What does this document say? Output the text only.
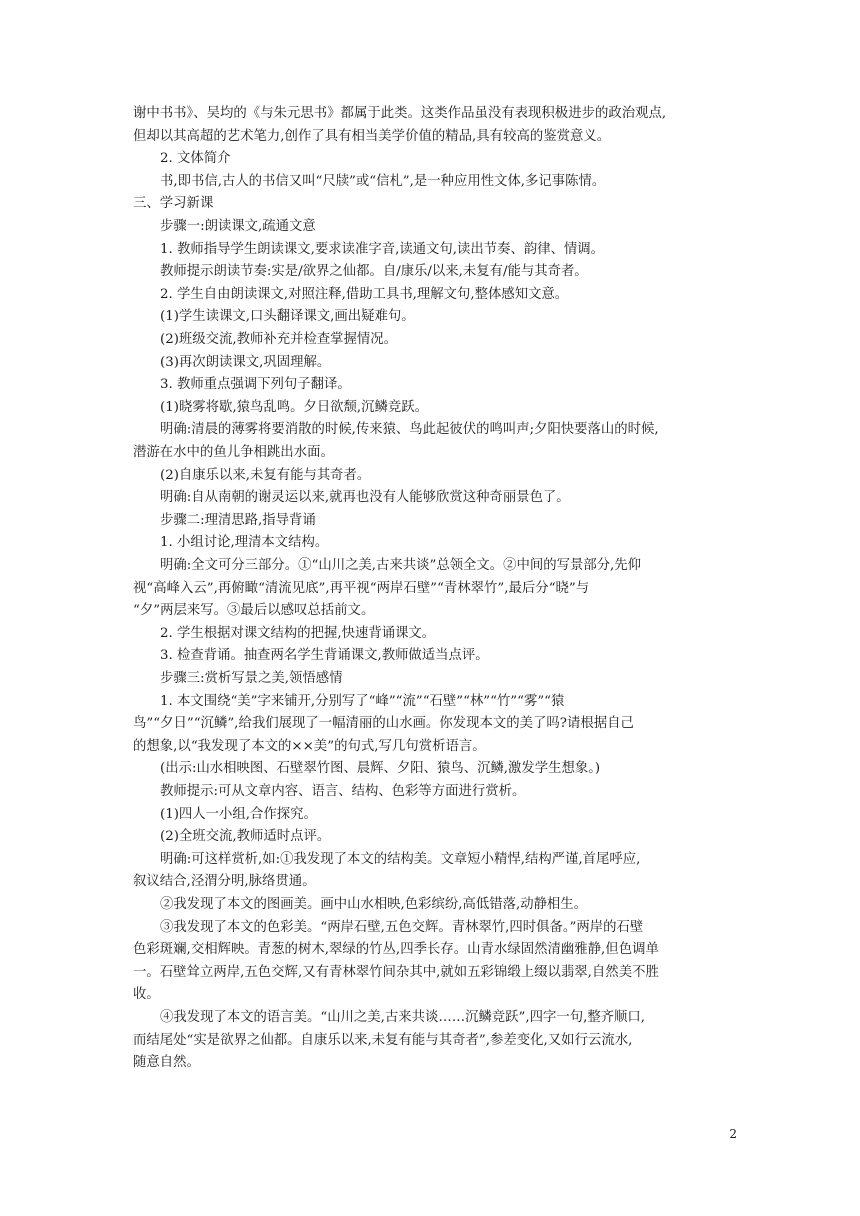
谢中书书》、吴均的《与朱元思书》都属于此类。这类作品虽没有表现积极进步的政治观点,
但却以其高超的艺术笔力,创作了具有相当美学价值的精品,具有较高的鉴赏意义。
2. 文体简介
书,即书信,古人的书信又叫“尺牍”或“信札”,是一种应用性文体,多记事陈情。
三、学习新课
步骤一:朗读课文,疏通文意
1. 教师指导学生朗读课文,要求读准字音,读通文句,读出节奏、韵律、情调。
教师提示朗读节奏:实是/欲界之仙都。自/康乐/以来,未复有/能与其奇者。
2. 学生自由朗读课文,对照注释,借助工具书,理解文句,整体感知文意。
(1)学生读课文,口头翻译课文,画出疑难句。
(2)班级交流,教师补充并检查掌握情况。
(3)再次朗读课文,巩固理解。
3. 教师重点强调下列句子翻译。
(1)晓雾将歇,猿鸟乱鸣。夕日欲颓,沉鳞竞跃。
明确:清晨的薄雾将要消散的时候,传来猿、鸟此起彼伏的鸣叫声;夕阳快要落山的时候,
潜游在水中的鱼儿争相跳出水面。
(2)自康乐以来,未复有能与其奇者。
明确:自从南朝的谢灵运以来,就再也没有人能够欣赏这种奇丽景色了。
步骤二:理清思路,指导背诵
1. 小组讨论,理清本文结构。
明确:全文可分三部分。①“山川之美,古来共谈”总领全文。②中间的写景部分,先仰
视“高峰入云”,再俯瞰“清流见底”,再平视“两岸石壁”“青林翠竹”,最后分“晓”与
“夕”两层来写。③最后以感叹总括前文。
2. 学生根据对课文结构的把握,快速背诵课文。
3. 检查背诵。抽查两名学生背诵课文,教师做适当点评。
步骤三:赏析写景之美,领悟感情
1. 本文围绕“美”字来铺开,分别写了“峰”“流”“石壁”“林”“竹”“雾”“猿
鸟”“夕日”“沉鳞”,给我们展现了一幅清丽的山水画。你发现本文的美了吗?请根据自己
的想象,以“我发现了本文的××美”的句式,写几句赏析语言。
(出示:山水相映图、石壁翠竹图、晨辉、夕阳、猿鸟、沉鳞,激发学生想象。)
教师提示:可从文章内容、语言、结构、色彩等方面进行赏析。
(1)四人一小组,合作探究。
(2)全班交流,教师适时点评。
明确:可这样赏析,如:①我发现了本文的结构美。文章短小精悍,结构严谨,首尾呼应,
叙议结合,泾渭分明,脉络贯通。
②我发现了本文的图画美。画中山水相映,色彩缤纷,高低错落,动静相生。
③我发现了本文的色彩美。“两岸石壁,五色交辉。青林翠竹,四时俱备。”两岸的石壁
色彩斑斓,交相辉映。青葱的树木,翠绿的竹丛,四季长存。山青水绿固然清幽雅静,但色调单
一。石壁耸立两岸,五色交辉,又有青林翠竹间杂其中,就如五彩锦缎上缀以翡翠,自然美不胜
收。
④我发现了本文的语言美。“山川之美,古来共谈……沉鳞竞跃”,四字一句,整齐顺口,
而结尾处“实是欲界之仙都。自康乐以来,未复有能与其奇者”,参差变化,又如行云流水,
随意自然。
2
